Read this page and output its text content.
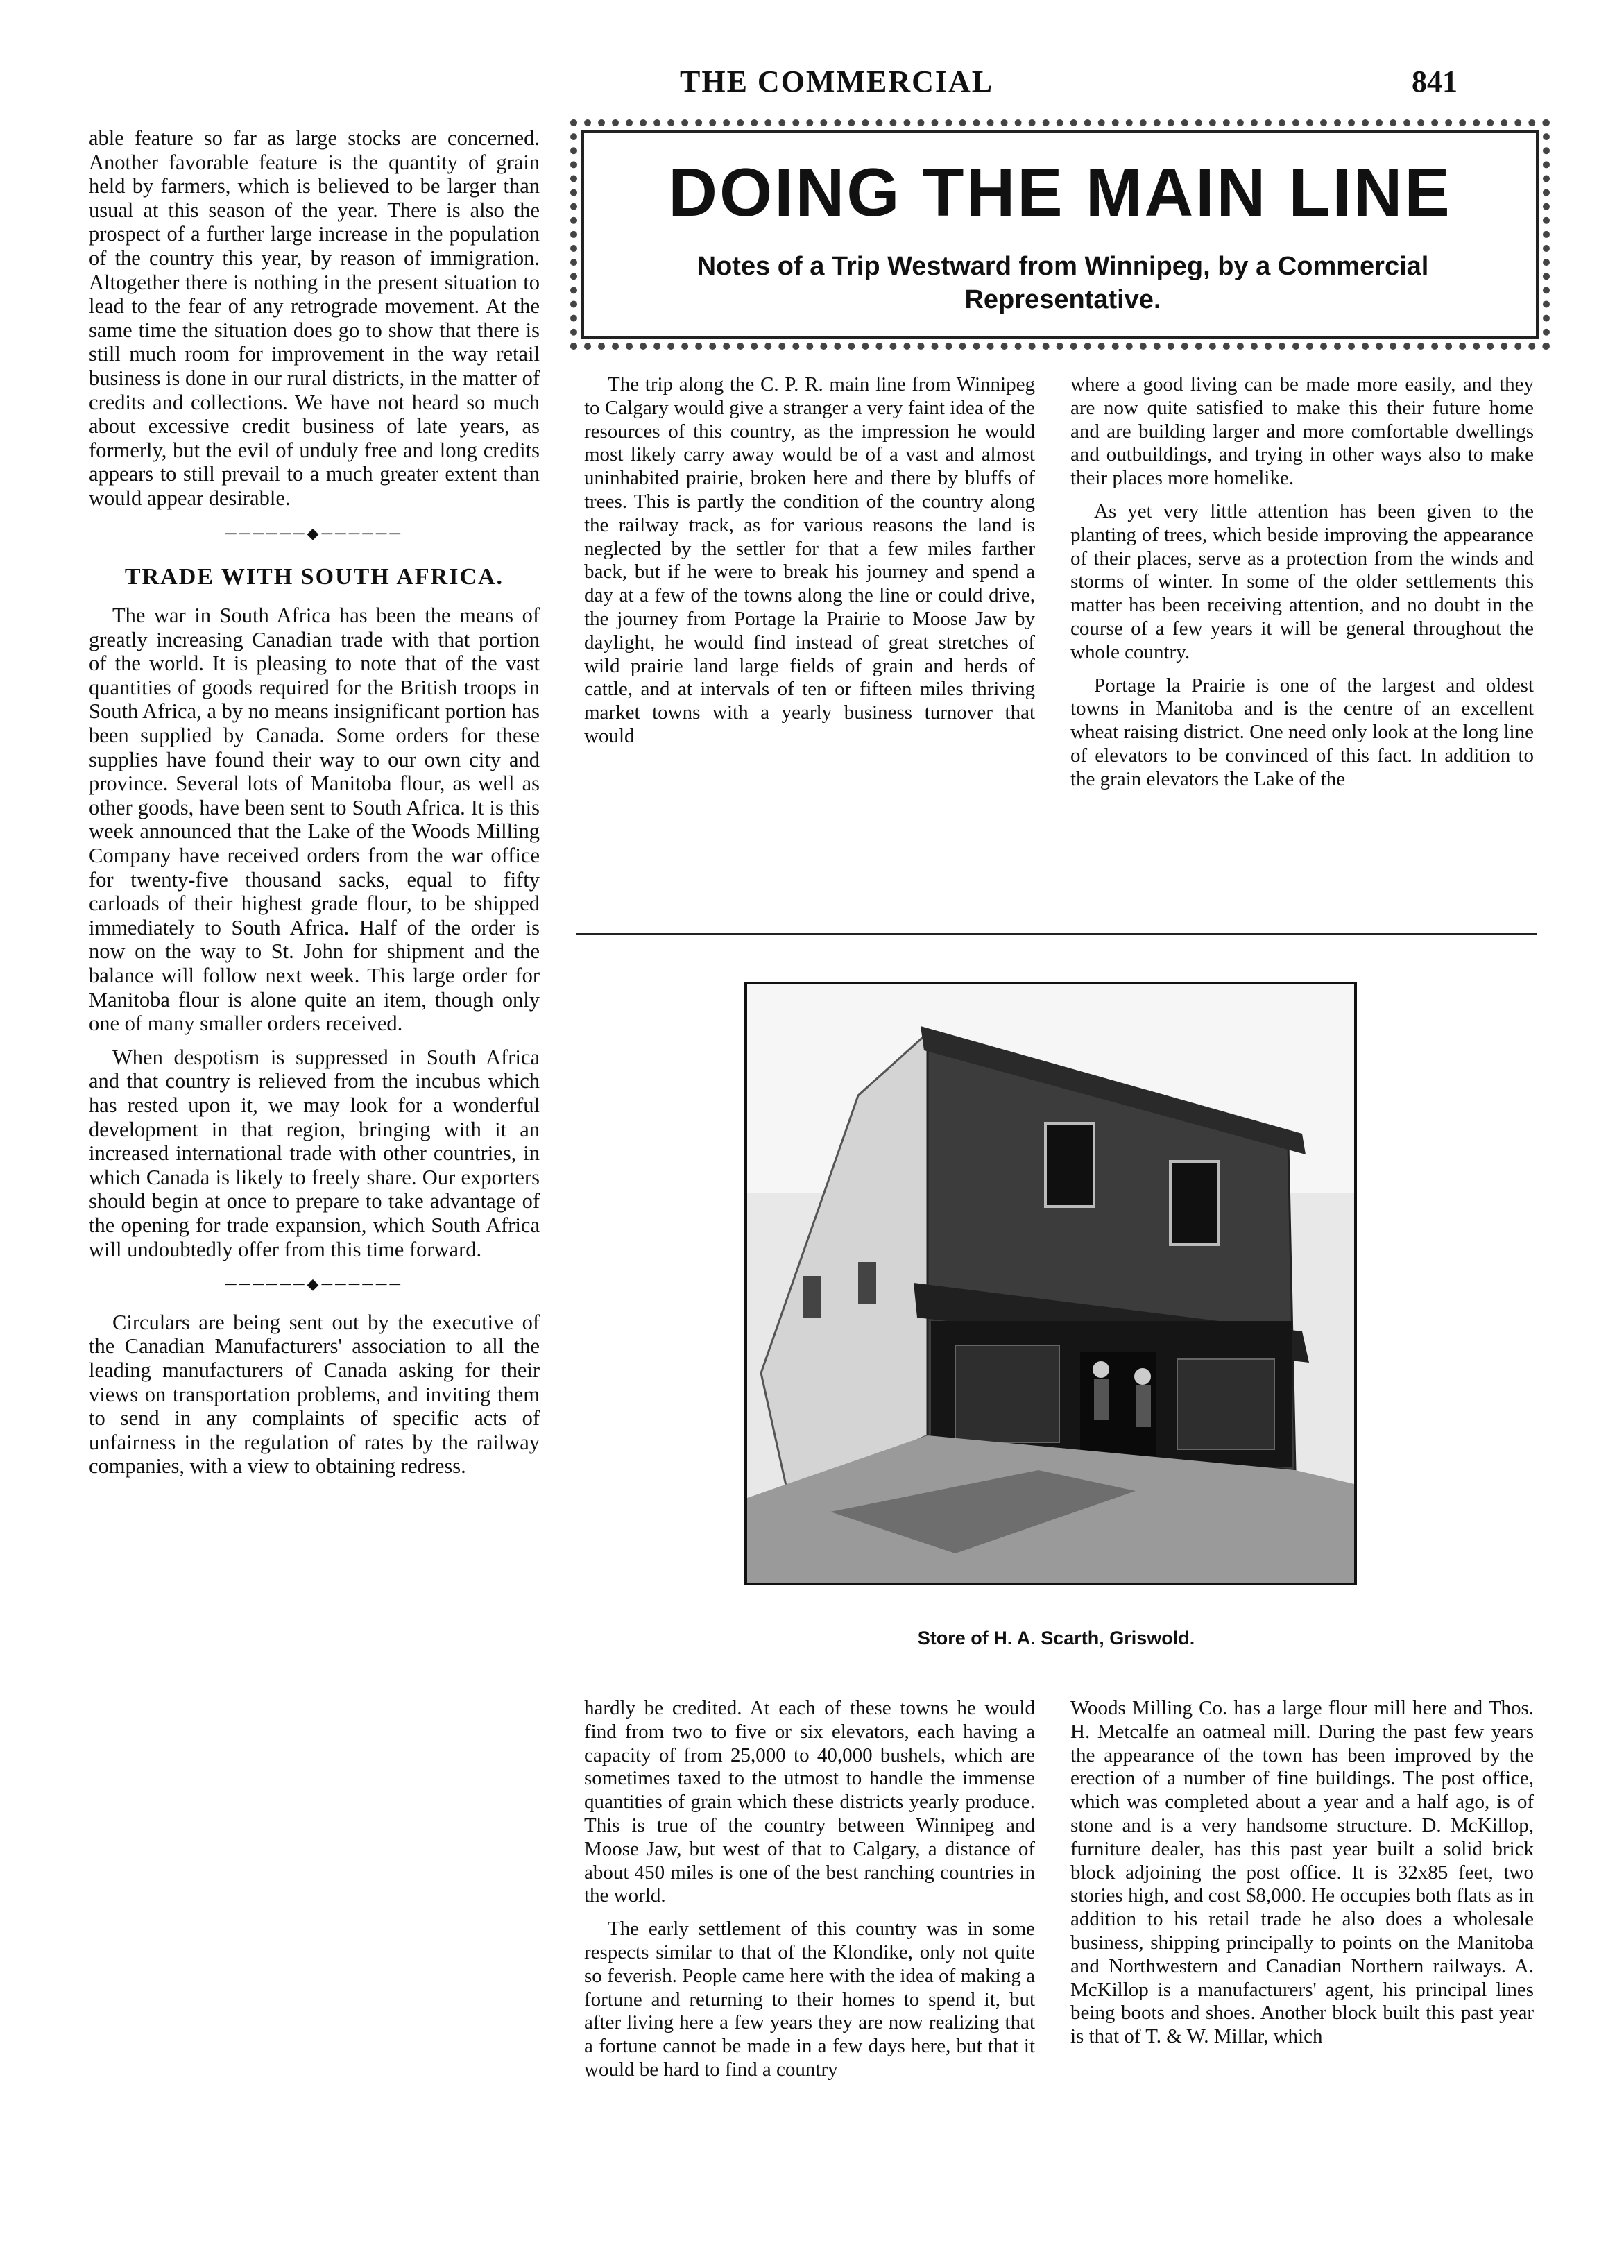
THE COMMERCIAL	841

able feature so far as large stocks are concerned. Another favorable feature is the quantity of grain held by farmers, which is believed to be larger than usual at this season of the year. There is also the prospect of a further large increase in the population of the country this year, by reason of immigration. Altogether there is nothing in the present situation to lead to the fear of any retrograde movement. At the same time the situation does go to show that there is still much room for improvement in the way retail business is done in our rural districts, in the matter of credits and collections. We have not heard so much about excessive credit business of late years, as formerly, but the evil of unduly free and long credits appears to still prevail to a much greater extent than would appear desirable.

──────◆──────
TRADE WITH SOUTH AFRICA.

The war in South Africa has been the means of greatly increasing Canadian trade with that portion of the world. It is pleasing to note that of the vast quantities of goods required for the British troops in South Africa, a by no means insignificant portion has been supplied by Canada. Some orders for these supplies have found their way to our own city and province. Several lots of Manitoba flour, as well as other goods, have been sent to South Africa. It is this week announced that the Lake of the Woods Milling Company have received orders from the war office for twenty-five thousand sacks, equal to fifty carloads of their highest grade flour, to be shipped immediately to South Africa. Half of the order is now on the way to St. John for shipment and the balance will follow next week. This large order for Manitoba flour is alone quite an item, though only one of many smaller orders received.

When despotism is suppressed in South Africa and that country is relieved from the incubus which has rested upon it, we may look for a wonderful development in that region, bringing with it an increased international trade with other countries, in which Canada is likely to freely share. Our exporters should begin at once to prepare to take advantage of the opening for trade expansion, which South Africa will undoubtedly offer from this time forward.

──────◆──────

Circulars are being sent out by the executive of the Canadian Manufacturers' association to all the leading manufacturers of Canada asking for their views on transportation problems, and inviting them to send in any complaints of specific acts of unfairness in the regulation of rates by the railway companies, with a view to obtaining redress.

DOING THE MAIN LINE
Notes of a Trip Westward from Winnipeg, by a Commercial Representative.

The trip along the C. P. R. main line from Winnipeg to Calgary would give a stranger a very faint idea of the resources of this country, as the impression he would most likely carry away would be of a vast and almost uninhabited prairie, broken here and there by bluffs of trees. This is partly the condition of the country along the railway track, as for various reasons the land is neglected by the settler for that a few miles farther back, but if he were to break his journey and spend a day at a few of the towns along the line or could drive, the journey from Portage la Prairie to Moose Jaw by daylight, he would find instead of great stretches of wild prairie land large fields of grain and herds of cattle, and at intervals of ten or fifteen miles thriving market towns with a yearly business turnover that would

where a good living can be made more easily, and they are now quite satisfied to make this their future home and are building larger and more comfortable dwellings and outbuildings, and trying in other ways also to make their places more homelike.

As yet very little attention has been given to the planting of trees, which beside improving the appearance of their places, serve as a protection from the winds and storms of winter. In some of the older settlements this matter has been receiving attention, and no doubt in the course of a few years it will be general throughout the whole country.

Portage la Prairie is one of the largest and oldest towns in Manitoba and is the centre of an excellent wheat raising district. One need only look at the long line of elevators to be convinced of this fact. In addition to the grain elevators the Lake of the

Store of H. A. Scarth, Griswold.

hardly be credited. At each of these towns he would find from two to five or six elevators, each having a capacity of from 25,000 to 40,000 bushels, which are sometimes taxed to the utmost to handle the immense quantities of grain which these districts yearly produce. This is true of the country between Winnipeg and Moose Jaw, but west of that to Calgary, a distance of about 450 miles is one of the best ranching countries in the world.

The early settlement of this country was in some respects similar to that of the Klondike, only not quite so feverish. People came here with the idea of making a fortune and returning to their homes to spend it, but after living here a few years they are now realizing that a fortune cannot be made in a few days here, but that it would be hard to find a country

Woods Milling Co. has a large flour mill here and Thos. H. Metcalfe an oatmeal mill. During the past few years the appearance of the town has been improved by the erection of a number of fine buildings. The post office, which was completed about a year and a half ago, is of stone and is a very handsome structure. D. McKillop, furniture dealer, has this past year built a solid brick block adjoining the post office. It is 32x85 feet, two stories high, and cost $8,000. He occupies both flats as in addition to his retail trade he also does a wholesale business, shipping principally to points on the Manitoba and Northwestern and Canadian Northern railways. A. McKillop is a manufacturers' agent, his principal lines being boots and shoes. Another block built this past year is that of T. & W. Millar, which
